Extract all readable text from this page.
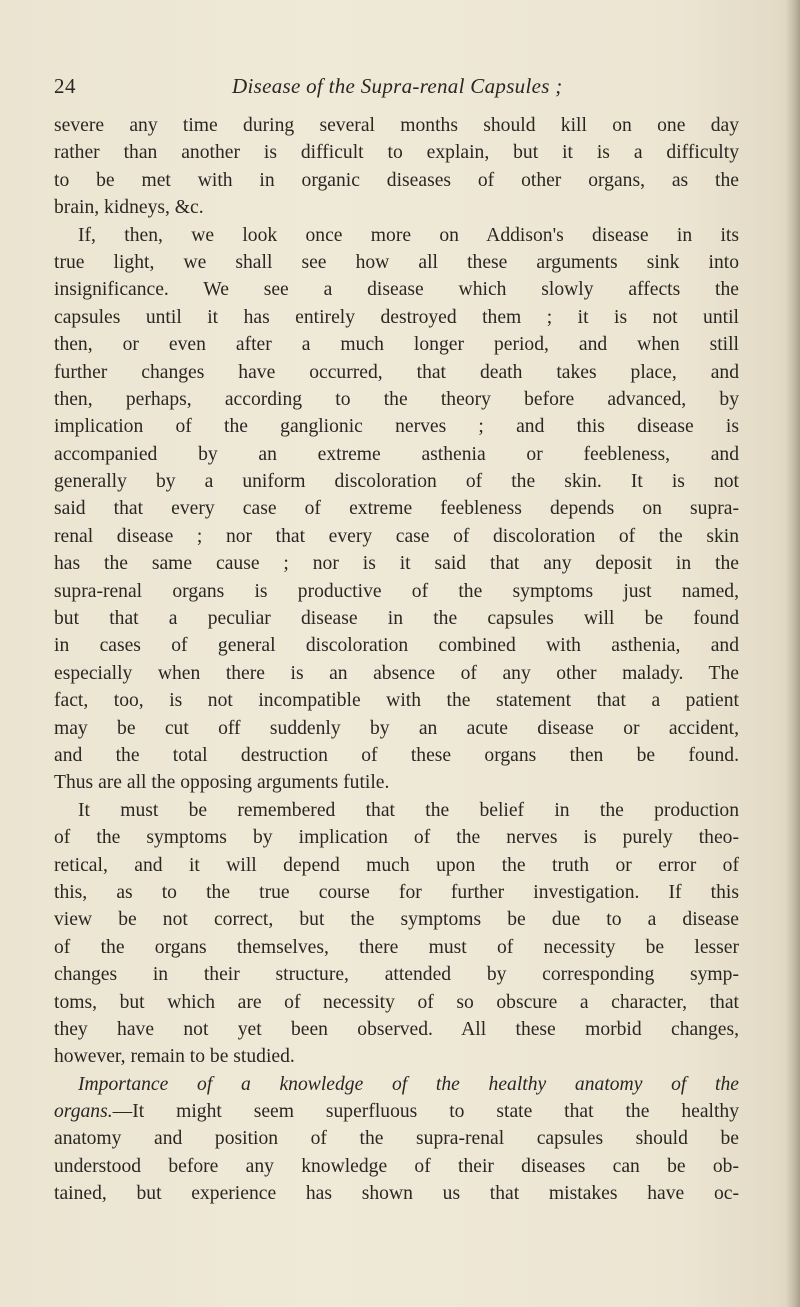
24	Disease of the Supra-renal Capsules ;
severe any time during several months should kill on one day
rather than another is difficult to explain, but it is a difficulty
to be met with in organic diseases of other organs, as the
brain, kidneys, &c.
If, then, we look once more on Addison's disease in its
true light, we shall see how all these arguments sink into
insignificance. We see a disease which slowly affects the
capsules until it has entirely destroyed them ; it is not until
then, or even after a much longer period, and when still
further changes have occurred, that death takes place, and
then, perhaps, according to the theory before advanced, by
implication of the ganglionic nerves ; and this disease is
accompanied by an extreme asthenia or feebleness, and
generally by a uniform discoloration of the skin. It is not
said that every case of extreme feebleness depends on supra-
renal disease ; nor that every case of discoloration of the skin
has the same cause ; nor is it said that any deposit in the
supra-renal organs is productive of the symptoms just named,
but that a peculiar disease in the capsules will be found
in cases of general discoloration combined with asthenia, and
especially when there is an absence of any other malady. The
fact, too, is not incompatible with the statement that a patient
may be cut off suddenly by an acute disease or accident,
and the total destruction of these organs then be found.
Thus are all the opposing arguments futile.
It must be remembered that the belief in the production
of the symptoms by implication of the nerves is purely theo-
retical, and it will depend much upon the truth or error of
this, as to the true course for further investigation. If this
view be not correct, but the symptoms be due to a disease
of the organs themselves, there must of necessity be lesser
changes in their structure, attended by corresponding symp-
toms, but which are of necessity of so obscure a character, that
they have not yet been observed. All these morbid changes,
however, remain to be studied.
Importance of a knowledge of the healthy anatomy of the
organs.—It might seem superfluous to state that the healthy
anatomy and position of the supra-renal capsules should be
understood before any knowledge of their diseases can be ob-
tained, but experience has shown us that mistakes have oc-
